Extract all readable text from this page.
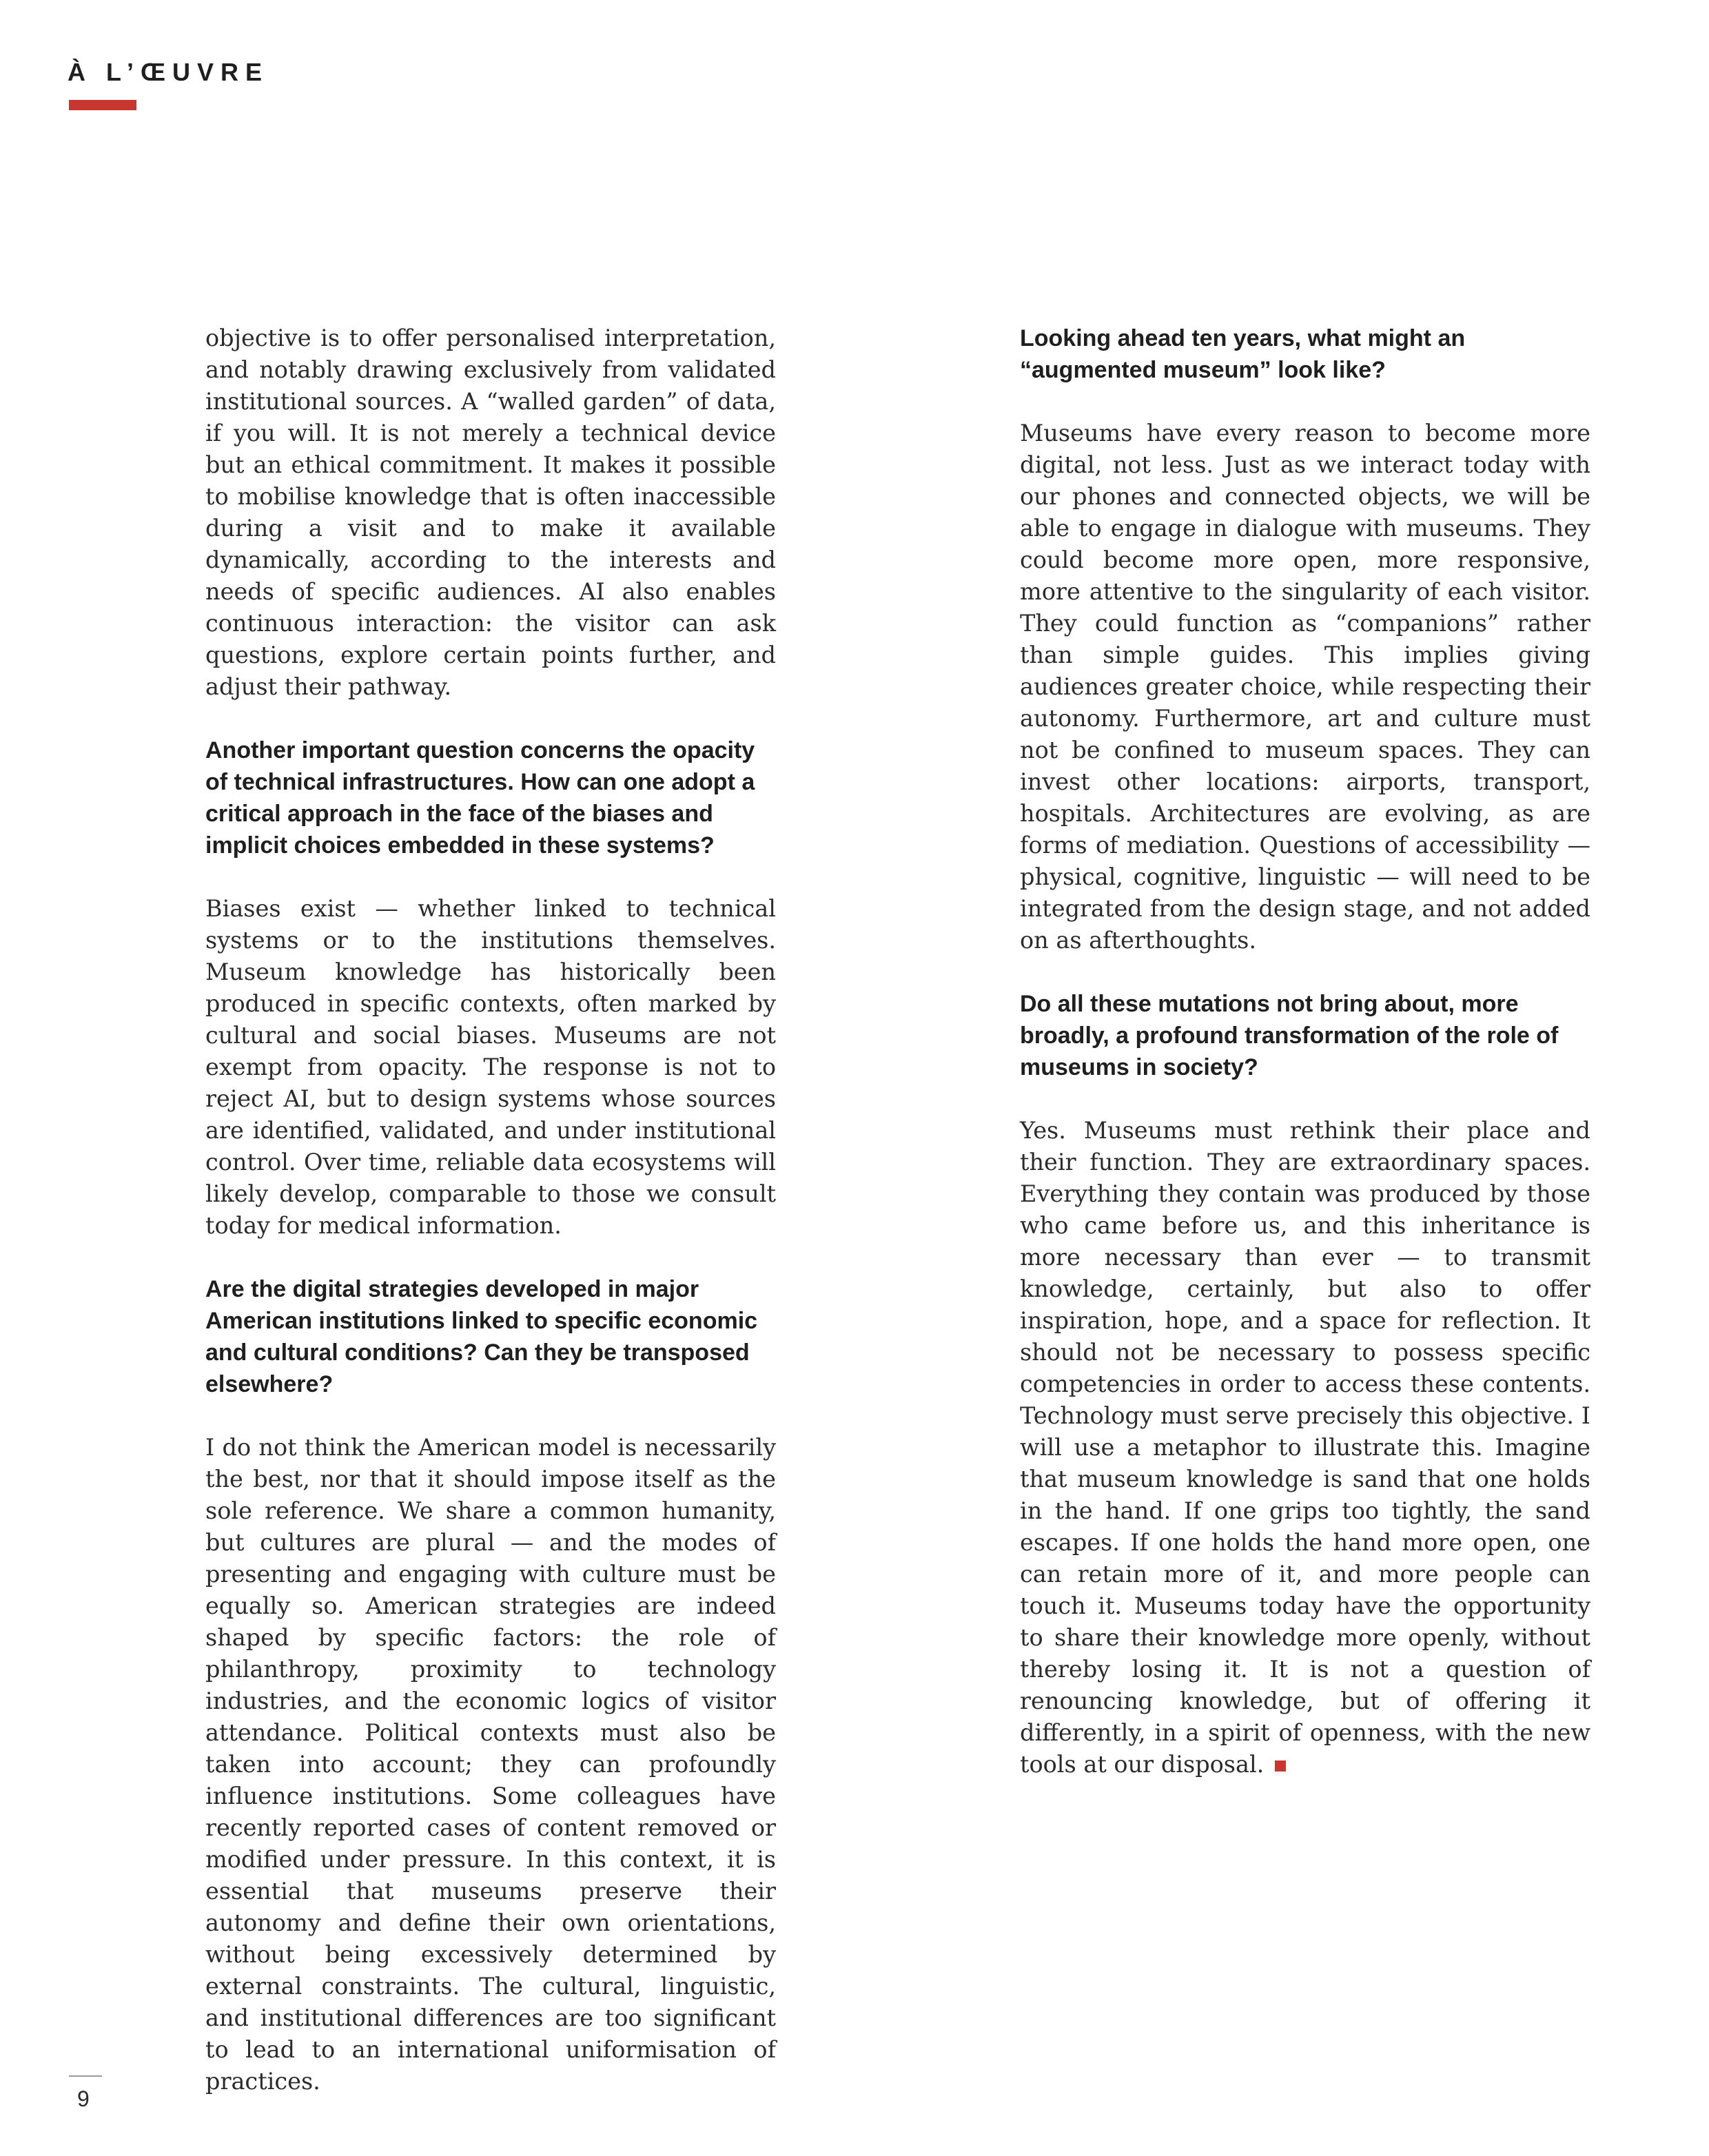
À L’ŒUVRE

objective is to offer personalised interpretation, and notably drawing exclusively from validated institutional sources. A “walled garden” of data, if you will. It is not merely a technical device but an ethical commitment. It makes it possible to mobilise knowledge that is often inaccessible during a visit and to make it available dynamically, according to the interests and needs of specific audiences. AI also enables continuous interaction: the visitor can ask questions, explore certain points further, and adjust their pathway.

Another important question concerns the opacity of technical infrastructures. How can one adopt a critical approach in the face of the biases and implicit choices embedded in these systems?

Biases exist — whether linked to technical systems or to the institutions themselves. Museum knowledge has historically been produced in specific contexts, often marked by cultural and social biases. Museums are not exempt from opacity. The response is not to reject AI, but to design systems whose sources are identified, validated, and under institutional control. Over time, reliable data ecosystems will likely develop, comparable to those we consult today for medical information.

Are the digital strategies developed in major American institutions linked to specific economic and cultural conditions? Can they be transposed elsewhere?

I do not think the American model is necessarily the best, nor that it should impose itself as the sole reference. We share a common humanity, but cultures are plural — and the modes of presenting and engaging with culture must be equally so. American strategies are indeed shaped by specific factors: the role of philanthropy, proximity to technology industries, and the economic logics of visitor attendance. Political contexts must also be taken into account; they can profoundly influence institutions. Some colleagues have recently reported cases of content removed or modified under pressure. In this context, it is essential that museums preserve their autonomy and define their own orientations, without being excessively determined by external constraints. The cultural, linguistic, and institutional differences are too significant to lead to an international uniformisation of practices.

Looking ahead ten years, what might an “augmented museum” look like?

Museums have every reason to become more digital, not less. Just as we interact today with our phones and connected objects, we will be able to engage in dialogue with museums. They could become more open, more responsive, more attentive to the singularity of each visitor. They could function as “companions” rather than simple guides. This implies giving audiences greater choice, while respecting their autonomy. Furthermore, art and culture must not be confined to museum spaces. They can invest other locations: airports, transport, hospitals. Architectures are evolving, as are forms of mediation. Questions of accessibility — physical, cognitive, linguistic — will need to be integrated from the design stage, and not added on as afterthoughts.

Do all these mutations not bring about, more broadly, a profound transformation of the role of museums in society?

Yes. Museums must rethink their place and their function. They are extraordinary spaces. Everything they contain was produced by those who came before us, and this inheritance is more necessary than ever — to transmit knowledge, certainly, but also to offer inspiration, hope, and a space for reflection. It should not be necessary to possess specific competencies in order to access these contents. Technology must serve precisely this objective. I will use a metaphor to illustrate this. Imagine that museum knowledge is sand that one holds in the hand. If one grips too tightly, the sand escapes. If one holds the hand more open, one can retain more of it, and more people can touch it. Museums today have the opportunity to share their knowledge more openly, without thereby losing it. It is not a question of renouncing knowledge, but of offering it differently, in a spirit of openness, with the new tools at our disposal.

9
